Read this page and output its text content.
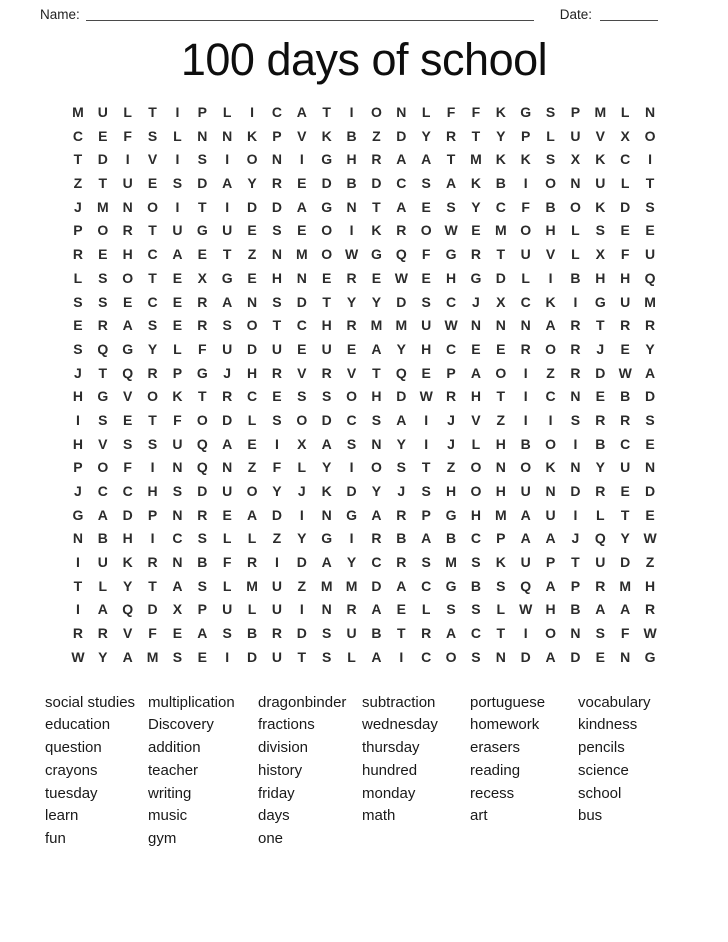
Name:	Date:
100 days of school
M U	L	T	I	P	L	I	C	A	T	I	O	N	L	F	F	K	G	S	P	M	L	N
C	E	F	S	L	N	N	K	P	V	K	B	Z	D	Y	R	T	Y	P	L	U	V	X	O
T	D	I	V	I	S	I	O	N	I	G	H	R	A	A	T	M K	K	S	X	K	C	I
Z	T	U	E	S	D	A	Y	R	E	D	B	D	C	S	A	K	B	I	O	N	U	L	T
J	M N	O	I	T	I	D	D	A	G	N	T	A	E	S	Y	C	F	B	O	K	D	S
P	O	R	T	U	G	U	E	S	E	O	I	K	R	O W E	M O	H	L	S	E	E
R	E	H	C	A	E	T	Z	N M O W G Q	F	G	R	T	U	V	L	X	F	U
L	S	O	T	E	X	G	E	H	N	E	R	E W E	H	G	D	L	I	B	H	H	Q
S	S	E	C	E	R	A	N	S	D	T	Y	Y	D	S	C	J	X	C	K	I	G	U M
E	R	A	S	E	R	S	O	T	C	H	R M M U W N	N	N	A	R	T	R	R
S	Q G	Y	L	F	U	D	U	E	U	E	A	Y	H	C	E	E	R	O	R	J	E	Y
J	T	Q	R	P	G	J	H	R	V	R	V	T	Q	E	P	A	O	I	Z	R	D W A
H	G	V	O	K	T	R	C	E	S	S	O	H	D W R	H	T	I	C	N	E	B	D
I	S	E	T	F	O	D	L	S	O	D	C	S	A	I	J	V	Z	I	I	S	R	R	S
H	V	S	S	U	Q	A	E	I	X	A	S	N	Y	I	J	L	H	B	O	I	B	C	E
P	O	F	I	N	Q	N	Z	F	L	Y	I	O	S	T	Z	O	N	O	K	N	Y	U	N
J	C	C	H	S	D	U	O	Y	J	K	D	Y	J	S	H	O	H	U	N	D	R	E	D
G	A	D	P	N	R	E	A	D	I	N	G	A	R	P	G	H M A	U	I	L	T	E
N	B	H	I	C	S	L	L	Z	Y	G	I	R	B	A	B	C	P	A	A	J	Q	Y W
I	U	K	R	N	B	F	R	I	D	A	Y	C	R	S	M	S	K	U	P	T	U	D	Z
T	L	Y	T	A	S	L	M U	Z	M M D	A	C	G	B	S	Q	A	P	R M H
I	A	Q	D	X	P	U	L	U	I	N	R	A	E	L	S	S	L W H	B	A	A	R
R	R	V	F	E	A	S	B	R	D	S	U	B	T	R	A	C	T	I	O	N	S	F W
W Y	A M	S	E	I	D	U	T	S	L	A	I	C	O	S	N	D	A	D	E	N	G
social studies
education
question
crayons
tuesday
learn
fun
multiplication
Discovery
addition
teacher
writing
music
gym
dragonbinder
fractions
division
history
friday
days
one
subtraction
wednesday
thursday
hundred
monday
math
portuguese
homework
erasers
reading
recess
art
vocabulary
kindness
pencils
science
school
bus
